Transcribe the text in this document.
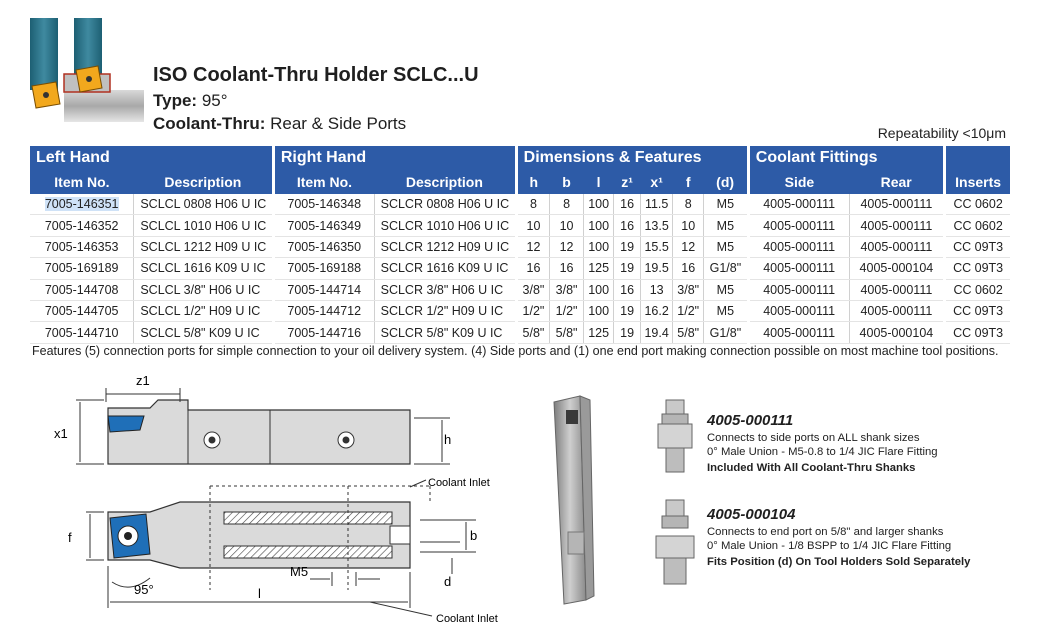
ISO Coolant-Thru Holder SCLC...U
Type: 95°
Coolant-Thru: Rear & Side Ports	Repeatability <10μm
Left Hand		Right Hand		Dimensions & Features							Coolant Fittings		
Item No.	Description	Item No.	Description	h	b	l	z¹	x¹	f	(d)	Side	Rear	Inserts
7005-146351	SCLCL 0808 H06 U IC	7005-146348	SCLCR 0808 H06 U IC	8	8	100	16	11.5	8	M5	4005-000111	4005-000111	CC 0602
7005-146352	SCLCL 1010 H06 U IC	7005-146349	SCLCR 1010 H06 U IC	10	10	100	16	13.5	10	M5	4005-000111	4005-000111	CC 0602
7005-146353	SCLCL 1212 H09 U IC	7005-146350	SCLCR 1212 H09 U IC	12	12	100	19	15.5	12	M5	4005-000111	4005-000111	CC 09T3
7005-169189	SCLCL 1616 K09 U IC	7005-169188	SCLCR 1616 K09 U IC	16	16	125	19	19.5	16	G1/8"	4005-000111	4005-000104	CC 09T3
7005-144708	SCLCL 3/8" H06 U IC	7005-144714	SCLCR 3/8" H06 U IC	3/8"	3/8"	100	16	13	3/8"	M5	4005-000111	4005-000111	CC 0602
7005-144705	SCLCL 1/2" H09 U IC	7005-144712	SCLCR 1/2" H09 U IC	1/2"	1/2"	100	19	16.2	1/2"	M5	4005-000111	4005-000111	CC 09T3
7005-144710	SCLCL 5/8" K09 U IC	7005-144716	SCLCR 5/8" K09 U IC	5/8"	5/8"	125	19	19.4	5/8"	G1/8"	4005-000111	4005-000104	CC 09T3
Features (5) connection ports for simple connection to your oil delivery system. (4) Side ports and (1) one end port making connection possible on most machine tool positions.
z1
x1	h
f	b
d
l
M5
95°
Coolant Inlet
Coolant Inlet
4005-000111
Connects to side ports on ALL shank sizes
0° Male Union - M5-0.8 to 1/4 JIC Flare Fitting
Included With All Coolant-Thru Shanks
4005-000104
Connects to end port on 5/8" and larger shanks
0° Male Union - 1/8 BSPP to 1/4 JIC Flare Fitting
Fits Position (d) On Tool Holders Sold Separately
